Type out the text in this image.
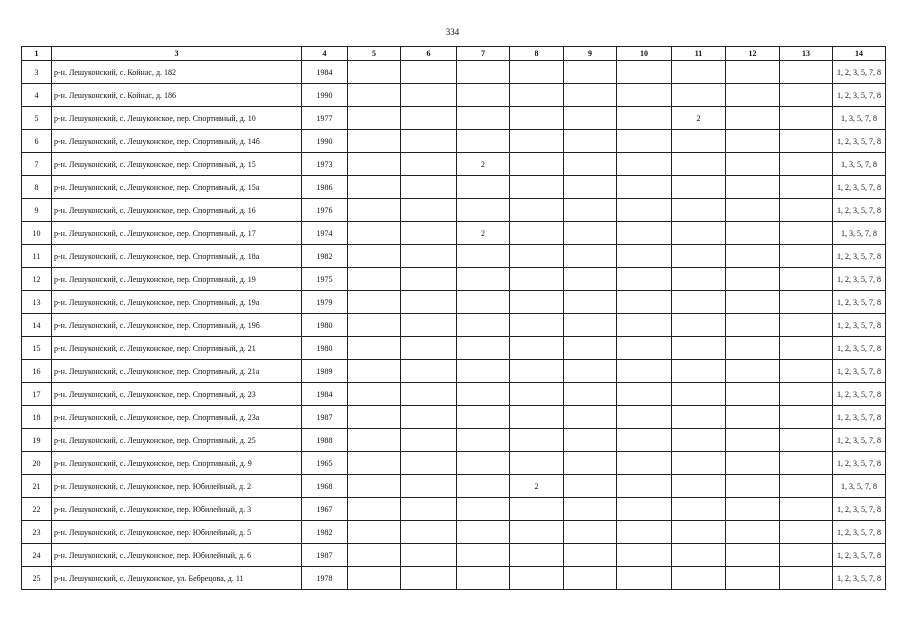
334
1	3	4	5	6	7	8	9	10	11	12	13	14
3	р-н. Лешуконский, с. Койнас, д. 182	1984										1, 2, 3, 5, 7, 8
4	р-н. Лешуконский, с. Койнас, д. 186	1990										1, 2, 3, 5, 7, 8
5	р-н. Лешуконский, с. Лешуконское, пер. Спортивный, д. 10	1977							2			1, 3, 5, 7, 8
6	р-н. Лешуконский, с. Лешуконское, пер. Спортивный, д. 14б	1990										1, 2, 3, 5, 7, 8
7	р-н. Лешуконский, с. Лешуконское, пер. Спортивный, д. 15	1973			2							1, 3, 5, 7, 8
8	р-н. Лешуконский, с. Лешуконское, пер. Спортивный, д. 15а	1986										1, 2, 3, 5, 7, 8
9	р-н. Лешуконский, с. Лешуконское, пер. Спортивный, д. 16	1976										1, 2, 3, 5, 7, 8
10	р-н. Лешуконский, с. Лешуконское, пер. Спортивный, д. 17	1974			2							1, 3, 5, 7, 8
11	р-н. Лешуконский, с. Лешуконское, пер. Спортивный, д. 18а	1982										1, 2, 3, 5, 7, 8
12	р-н. Лешуконский, с. Лешуконское, пер. Спортивный, д. 19	1975										1, 2, 3, 5, 7, 8
13	р-н. Лешуконский, с. Лешуконское, пер. Спортивный, д. 19а	1979										1, 2, 3, 5, 7, 8
14	р-н. Лешуконский, с. Лешуконское, пер. Спортивный, д. 19б	1980										1, 2, 3, 5, 7, 8
15	р-н. Лешуконский, с. Лешуконское, пер. Спортивный, д. 21	1980										1, 2, 3, 5, 7, 8
16	р-н. Лешуконский, с. Лешуконское, пер. Спортивный, д. 21а	1989										1, 2, 3, 5, 7, 8
17	р-н. Лешуконский, с. Лешуконское, пер. Спортивный, д. 23	1984										1, 2, 3, 5, 7, 8
18	р-н. Лешуконский, с. Лешуконское, пер. Спортивный, д. 23а	1987										1, 2, 3, 5, 7, 8
19	р-н. Лешуконский, с. Лешуконское, пер. Спортивный, д. 25	1988										1, 2, 3, 5, 7, 8
20	р-н. Лешуконский, с. Лешуконское, пер. Спортивный, д. 9	1965										1, 2, 3, 5, 7, 8
21	р-н. Лешуконский, с. Лешуконское, пер. Юбилейный, д. 2	1968				2						1, 3, 5, 7, 8
22	р-н. Лешуконский, с. Лешуконское, пер. Юбилейный, д. 3	1967										1, 2, 3, 5, 7, 8
23	р-н. Лешуконский, с. Лешуконское, пер. Юбилейный, д. 5	1982										1, 2, 3, 5, 7, 8
24	р-н. Лешуконский, с. Лешуконское, пер. Юбилейный, д. 6	1987										1, 2, 3, 5, 7, 8
25	р-н. Лешуконский, с. Лешуконское, ул. Бебрецова, д. 11	1978										1, 2, 3, 5, 7, 8
